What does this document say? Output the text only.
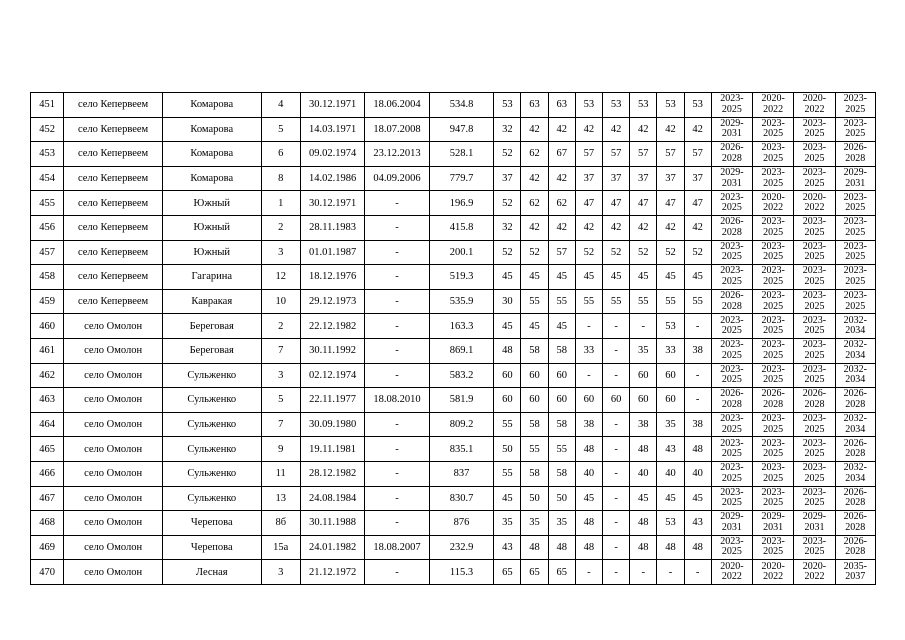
451	село Кепервеем	Комарова	4	30.12.1971	18.06.2004	534.8	53	63	63	53	53	53	53	53	2023-2025	2020-2022	2020-2022	2023-2025
452	село Кепервеем	Комарова	5	14.03.1971	18.07.2008	947.8	32	42	42	42	42	42	42	42	2029-2031	2023-2025	2023-2025	2023-2025
453	село Кепервеем	Комарова	6	09.02.1974	23.12.2013	528.1	52	62	67	57	57	57	57	57	2026-2028	2023-2025	2023-2025	2026-2028
454	село Кепервеем	Комарова	8	14.02.1986	04.09.2006	779.7	37	42	42	37	37	37	37	37	2029-2031	2023-2025	2023-2025	2029-2031
455	село Кепервеем	Южный	1	30.12.1971	-	196.9	52	62	62	47	47	47	47	47	2023-2025	2020-2022	2020-2022	2023-2025
456	село Кепервеем	Южный	2	28.11.1983	-	415.8	32	42	42	42	42	42	42	42	2026-2028	2023-2025	2023-2025	2023-2025
457	село Кепервеем	Южный	3	01.01.1987	-	200.1	52	52	57	52	52	52	52	52	2023-2025	2023-2025	2023-2025	2023-2025
458	село Кепервеем	Гагарина	12	18.12.1976	-	519.3	45	45	45	45	45	45	45	45	2023-2025	2023-2025	2023-2025	2023-2025
459	село Кепервеем	Кавракая	10	29.12.1973	-	535.9	30	55	55	55	55	55	55	55	2026-2028	2023-2025	2023-2025	2023-2025
460	село Омолон	Береговая	2	22.12.1982	-	163.3	45	45	45	-	-	-	53	-	2023-2025	2023-2025	2023-2025	2032-2034
461	село Омолон	Береговая	7	30.11.1992	-	869.1	48	58	58	33	-	35	33	38	2023-2025	2023-2025	2023-2025	2032-2034
462	село Омолон	Сульженко	3	02.12.1974	-	583.2	60	60	60	-	-	60	60	-	2023-2025	2023-2025	2023-2025	2032-2034
463	село Омолон	Сульженко	5	22.11.1977	18.08.2010	581.9	60	60	60	60	60	60	60	-	2026-2028	2026-2028	2026-2028	2026-2028
464	село Омолон	Сульженко	7	30.09.1980	-	809.2	55	58	58	38	-	38	35	38	2023-2025	2023-2025	2023-2025	2032-2034
465	село Омолон	Сульженко	9	19.11.1981	-	835.1	50	55	55	48	-	48	43	48	2023-2025	2023-2025	2023-2025	2026-2028
466	село Омолон	Сульженко	11	28.12.1982	-	837	55	58	58	40	-	40	40	40	2023-2025	2023-2025	2023-2025	2032-2034
467	село Омолон	Сульженко	13	24.08.1984	-	830.7	45	50	50	45	-	45	45	45	2023-2025	2023-2025	2023-2025	2026-2028
468	село Омолон	Черепова	8б	30.11.1988	-	876	35	35	35	48	-	48	53	43	2029-2031	2029-2031	2029-2031	2026-2028
469	село Омолон	Черепова	15а	24.01.1982	18.08.2007	232.9	43	48	48	48	-	48	48	48	2023-2025	2023-2025	2023-2025	2026-2028
470	село Омолон	Лесная	3	21.12.1972	-	115.3	65	65	65	-	-	-	-	-	2020-2022	2020-2022	2020-2022	2035-2037
